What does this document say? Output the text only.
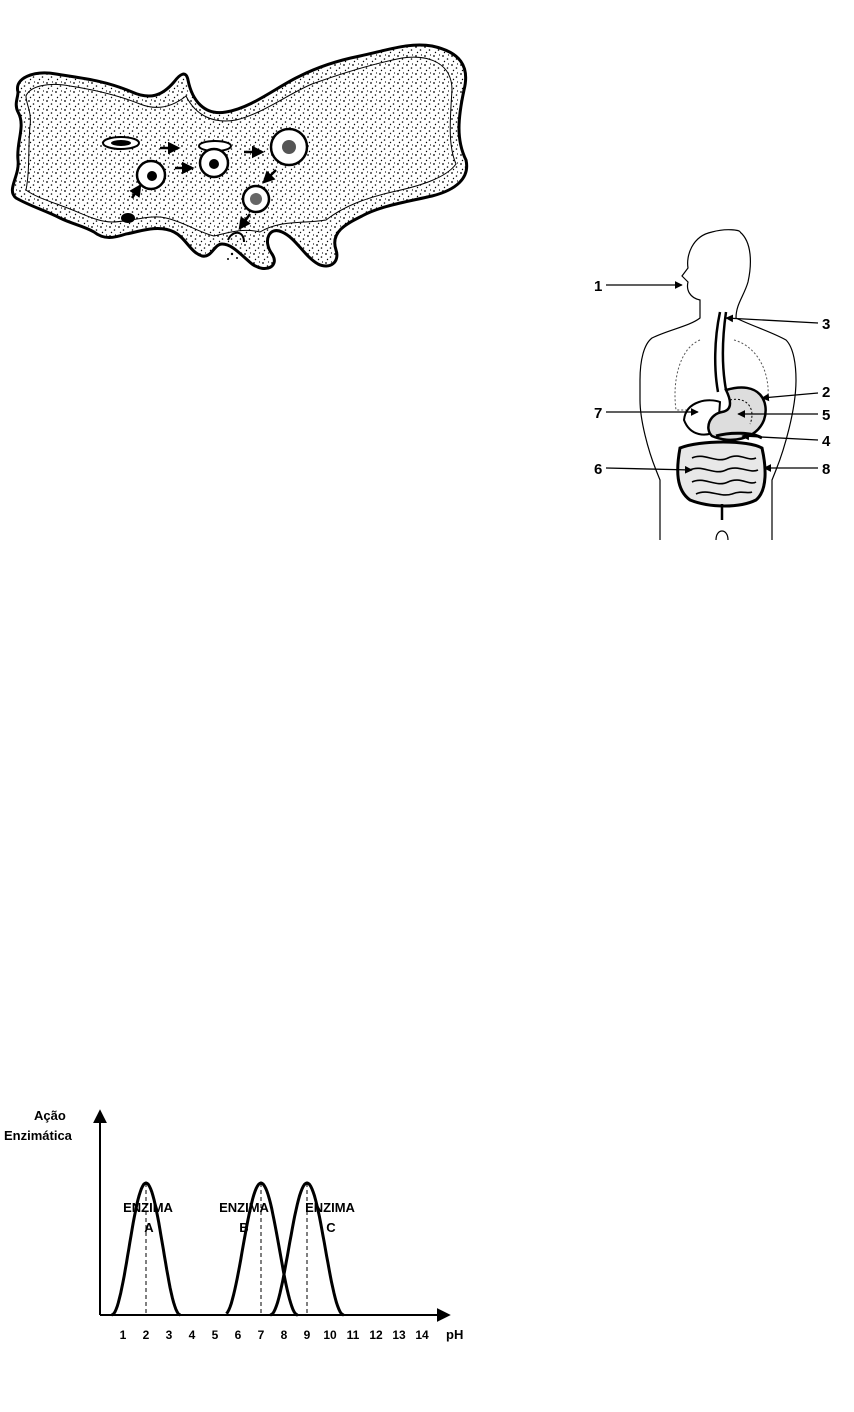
1
2
3
4
5
6
7
8
Ação
Enzimática
pH
1 2 3 4 5 6 7 8 9 10 11 12 13 14
ENZIMA
A
ENZIMA
B
ENZIMA
C
